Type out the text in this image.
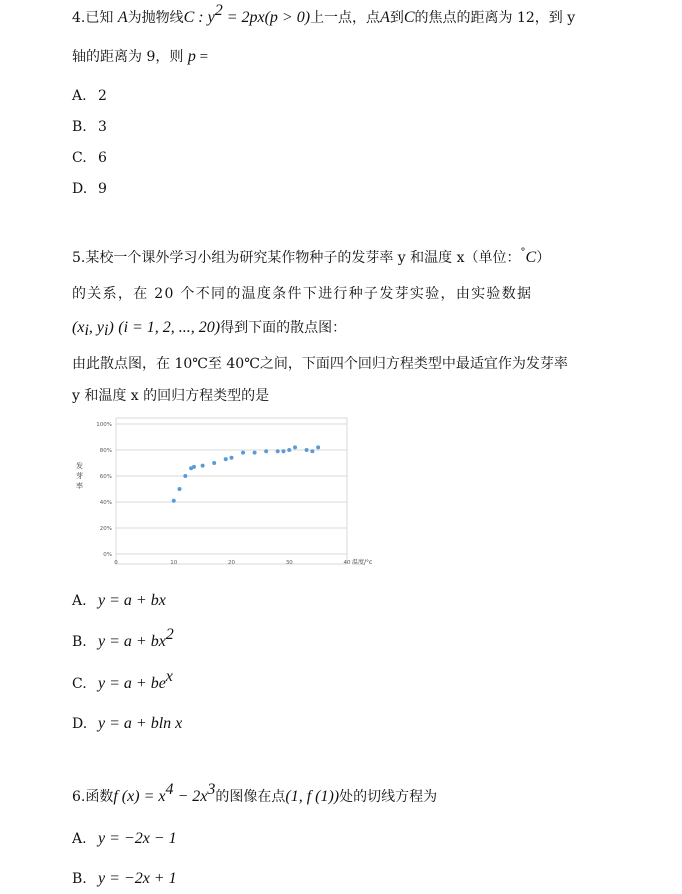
4.已知 A为抛物线C : $y^2 = 2px(p > 0)$上一点，点A到C的焦点的距离为 12，到 y
轴的距离为 9，则 p =
A. 2
B. 3
C. 6
D. 9
5.某校一个课外学习小组为研究某作物种子的发芽率 y 和温度 x（单位：°C）
的关系，在 20 个不同的温度条件下进行种子发芽实验，由实验数据
($x_i$, $y_i$) (i = 1, 2, ..., 20)得到下面的散点图：
由此散点图，在 10℃至 40℃之间，下面四个回归方程类型中最适宜作为发芽率
y 和温度 x 的回归方程类型的是
0%
20%
40%
60%
80%
100%
0	10	20	30	40
发
芽
率
温度/°c
A. y = a + bx
B. $y = a + bx^2$
C. $y = a + be^x$
D. y = a + bln x
6.函数f $(x) = x^4 - 2x^3$的图像在点(1, f (1))处的切线方程为
A. y = −2x − 1
B. y = −2x + 1
